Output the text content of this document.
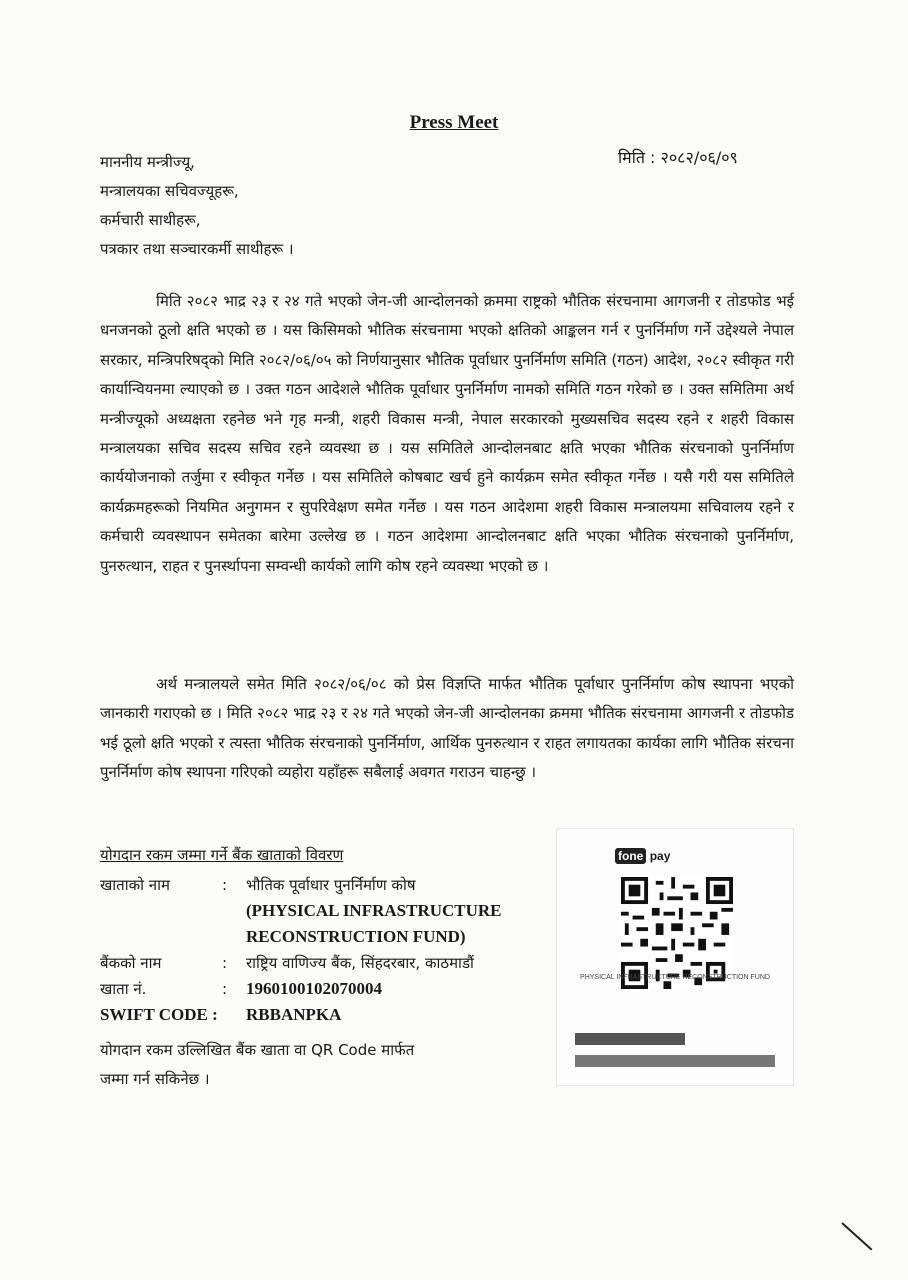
Press Meet
मिति : २०८२/०६/०९
माननीय मन्त्रीज्यू,
मन्त्रालयका सचिवज्यूहरू,
कर्मचारी साथीहरू,
पत्रकार तथा सञ्चारकर्मी साथीहरू ।
मिति २०८२ भाद्र २३ र २४ गते भएको जेन-जी आन्दोलनको क्रममा राष्ट्रको भौतिक संरचनामा आगजनी र तोडफोड भई धनजनको ठूलो क्षति भएको छ । यस किसिमको भौतिक संरचनामा भएको क्षतिको आङ्कलन गर्न र पुनर्निर्माण गर्ने उद्देश्यले नेपाल सरकार, मन्त्रिपरिषद्को मिति २०८२/०६/०५ को निर्णयानुसार भौतिक पूर्वाधार पुनर्निर्माण समिति (गठन) आदेश, २०८२ स्वीकृत गरी कार्यान्वियनमा ल्याएको छ । उक्त गठन आदेशले भौतिक पूर्वाधार पुनर्निर्माण नामको समिति गठन गरेको छ । उक्त समितिमा अर्थ मन्त्रीज्यूको अध्यक्षता रहनेछ भने गृह मन्त्री, शहरी विकास मन्त्री, नेपाल सरकारको मुख्यसचिव सदस्य रहने र शहरी विकास मन्त्रालयका सचिव सदस्य सचिव रहने व्यवस्था छ । यस समितिले आन्दोलनबाट क्षति भएका भौतिक संरचनाको पुनर्निर्माण कार्ययोजनाको तर्जुमा र स्वीकृत गर्नेछ । यस समितिले कोषबाट खर्च हुने कार्यक्रम समेत स्वीकृत गर्नेछ । यसै गरी यस समितिले कार्यक्रमहरूको नियमित अनुगमन र सुपरिवेक्षण समेत गर्नेछ । यस गठन आदेशमा शहरी विकास मन्त्रालयमा सचिवालय रहने र कर्मचारी व्यवस्थापन समेतका बारेमा उल्लेख छ । गठन आदेशमा आन्दोलनबाट क्षति भएका भौतिक संरचनाको पुनर्निर्माण, पुनरुत्थान, राहत र पुनर्स्थापना सम्वन्धी कार्यको लागि कोष रहने व्यवस्था भएको छ ।
अर्थ मन्त्रालयले समेत मिति २०८२/०६/०८ को प्रेस विज्ञप्ति मार्फत भौतिक पूर्वाधार पुनर्निर्माण कोष स्थापना भएको जानकारी गराएको छ । मिति २०८२ भाद्र २३ र २४ गते भएको जेन-जी आन्दोलनका क्रममा भौतिक संरचनामा आगजनी र तोडफोड भई ठूलो क्षति भएको र त्यस्ता भौतिक संरचनाको पुनर्निर्माण, आर्थिक पुनरुत्थान र राहत लगायतका कार्यका लागि भौतिक संरचना पुनर्निर्माण कोष स्थापना गरिएको व्यहोरा यहाँहरू सबैलाई अवगत गराउन चाहन्छु ।
योगदान रकम जम्मा गर्ने बैंक खाताको विवरण
खाताको नाम	:	भौतिक पूर्वाधार पुनर्निर्माण कोष
(PHYSICAL INFRASTRUCTURE
RECONSTRUCTION FUND)
बैंकको नाम	:	राष्ट्रिय वाणिज्य बैंक, सिंहदरबार, काठमाडौं
खाता नं.	:	1960100102070004
SWIFT CODE :	RBBANPKA
योगदान रकम उल्लिखित बैंक खाता वा QR Code मार्फत
जम्मा गर्न सकिनेछ ।
fone pay
PHYSICAL INFRASTRUCTURE RECONSTRUCTION FUND
